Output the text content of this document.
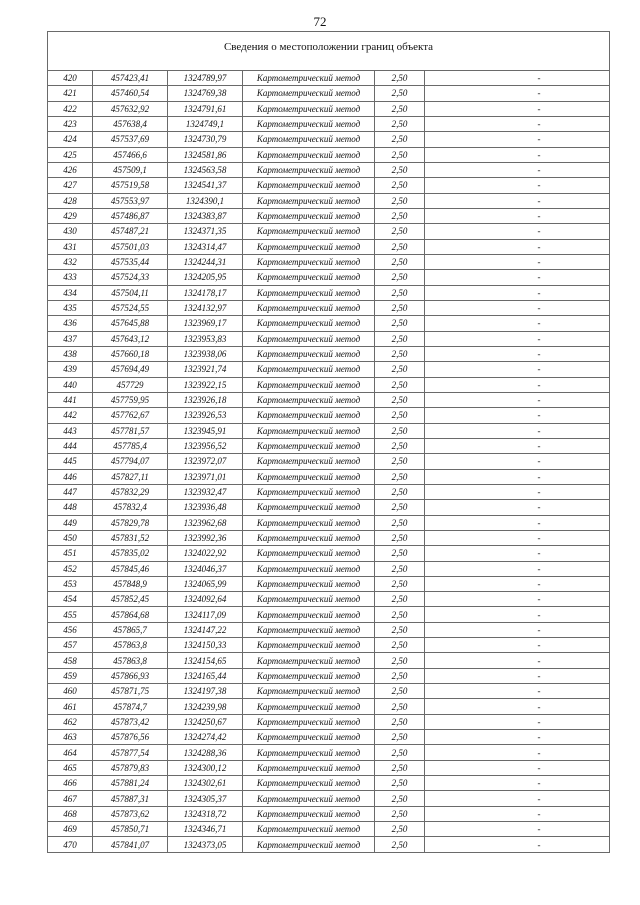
72
Сведения о местоположении границ объекта					
420	457423,41	1324789,97	Картометрический метод	2,50	-
421	457460,54	1324769,38	Картометрический метод	2,50	-
422	457632,92	1324791,61	Картометрический метод	2,50	-
423	457638,4	1324749,1	Картометрический метод	2,50	-
424	457537,69	1324730,79	Картометрический метод	2,50	-
425	457466,6	1324581,86	Картометрический метод	2,50	-
426	457509,1	1324563,58	Картометрический метод	2,50	-
427	457519,58	1324541,37	Картометрический метод	2,50	-
428	457553,97	1324390,1	Картометрический метод	2,50	-
429	457486,87	1324383,87	Картометрический метод	2,50	-
430	457487,21	1324371,35	Картометрический метод	2,50	-
431	457501,03	1324314,47	Картометрический метод	2,50	-
432	457535,44	1324244,31	Картометрический метод	2,50	-
433	457524,33	1324205,95	Картометрический метод	2,50	-
434	457504,11	1324178,17	Картометрический метод	2,50	-
435	457524,55	1324132,97	Картометрический метод	2,50	-
436	457645,88	1323969,17	Картометрический метод	2,50	-
437	457643,12	1323953,83	Картометрический метод	2,50	-
438	457660,18	1323938,06	Картометрический метод	2,50	-
439	457694,49	1323921,74	Картометрический метод	2,50	-
440	457729	1323922,15	Картометрический метод	2,50	-
441	457759,95	1323926,18	Картометрический метод	2,50	-
442	457762,67	1323926,53	Картометрический метод	2,50	-
443	457781,57	1323945,91	Картометрический метод	2,50	-
444	457785,4	1323956,52	Картометрический метод	2,50	-
445	457794,07	1323972,07	Картометрический метод	2,50	-
446	457827,11	1323971,01	Картометрический метод	2,50	-
447	457832,29	1323932,47	Картометрический метод	2,50	-
448	457832,4	1323936,48	Картометрический метод	2,50	-
449	457829,78	1323962,68	Картометрический метод	2,50	-
450	457831,52	1323992,36	Картометрический метод	2,50	-
451	457835,02	1324022,92	Картометрический метод	2,50	-
452	457845,46	1324046,37	Картометрический метод	2,50	-
453	457848,9	1324065,99	Картометрический метод	2,50	-
454	457852,45	1324092,64	Картометрический метод	2,50	-
455	457864,68	1324117,09	Картометрический метод	2,50	-
456	457865,7	1324147,22	Картометрический метод	2,50	-
457	457863,8	1324150,33	Картометрический метод	2,50	-
458	457863,8	1324154,65	Картометрический метод	2,50	-
459	457866,93	1324165,44	Картометрический метод	2,50	-
460	457871,75	1324197,38	Картометрический метод	2,50	-
461	457874,7	1324239,98	Картометрический метод	2,50	-
462	457873,42	1324250,67	Картометрический метод	2,50	-
463	457876,56	1324274,42	Картометрический метод	2,50	-
464	457877,54	1324288,36	Картометрический метод	2,50	-
465	457879,83	1324300,12	Картометрический метод	2,50	-
466	457881,24	1324302,61	Картометрический метод	2,50	-
467	457887,31	1324305,37	Картометрический метод	2,50	-
468	457873,62	1324318,72	Картометрический метод	2,50	-
469	457850,71	1324346,71	Картометрический метод	2,50	-
470	457841,07	1324373,05	Картометрический метод	2,50	-
